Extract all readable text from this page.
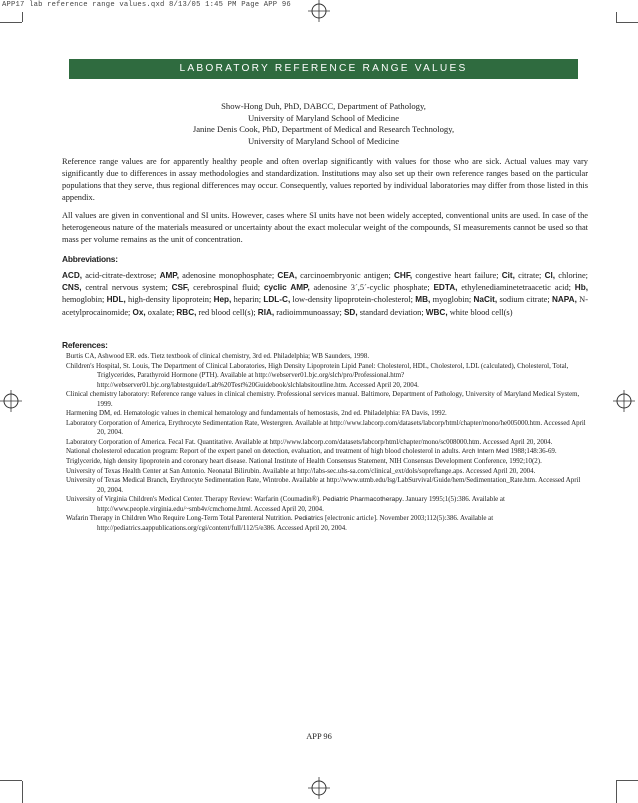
APP17 lab reference range values.qxd 8/13/05 1:45 PM Page APP 96
LABORATORY REFERENCE RANGE VALUES
Show-Hong Duh, PhD, DABCC, Department of Pathology,
University of Maryland School of Medicine
Janine Denis Cook, PhD, Department of Medical and Research Technology,
University of Maryland School of Medicine
Reference range values are for apparently healthy people and often overlap significantly with values for those who are sick. Actual values may vary significantly due to differences in assay methodologies and standardization. Institutions may also set up their own reference ranges based on the particular populations that they serve, thus regional differences may occur. Consequently, values reported by individual laboratories may differ from those listed in this appendix.
All values are given in conventional and SI units. However, cases where SI units have not been widely accepted, conventional units are used. In case of the heterogeneous nature of the materials measured or uncertainty about the exact molecular weight of the compounds, SI measurements cannot be used so that mass per volume remains as the unit of concentration.
Abbreviations:
ACD, acid-citrate-dextrose; AMP, adenosine monophosphate; CEA, carcinoembryonic antigen; CHF, congestive heart failure; Cit, citrate; Cl, chlorine; CNS, central nervous system; CSF, cerebrospinal fluid; cyclic AMP, adenosine 3´,5´-cyclic phosphate; EDTA, ethylenediaminetetraacetic acid; Hb, hemoglobin; HDL, high-density lipoprotein; Hep, heparin; LDL-C, low-density lipoprotein-cholesterol; MB, myoglobin; NaCit, sodium citrate; NAPA, N-acetylprocainomide; Ox, oxalate; RBC, red blood cell(s); RIA, radioimmunoassay; SD, standard deviation; WBC, white blood cell(s)
References:
Burtis CA, Ashwood ER. eds. Tietz textbook of clinical chemistry, 3rd ed. Philadelphia; WB Saunders, 1998.
Children's Hospital, St. Louis, The Department of Clinical Laboratories, High Density Lipoprotein Lipid Panel: Cholesterol, HDL, Cholesterol, LDL (calculated), Cholesterol, Total, Triglycerides, Parathyroid Hormone (PTH). Available at http://webserver01.bjc.org/slch/pro/Professional.htm?http://webserver01.bjc.org/labtestguide/Lab%20Test%20Guidebook/slchlabsitoutline.htm. Accessed April 20, 2004.
Clinical chemistry laboratory: Reference range values in clinical chemistry. Professional services manual. Baltimore, Department of Pathology, University of Maryland Medical System, 1999.
Harmening DM, ed. Hematologic values in chemical hematology and fundamentals of hemostasis, 2nd ed. Philadelphia: FA Davis, 1992.
Laboratory Corporation of America, Erythrocyte Sedimentation Rate, Westergren. Available at http://www.labcorp.com/datasets/labcorp/html/chapter/mono/he005000.htm. Accessed April 20, 2004.
Laboratory Corporation of America. Fecal Fat. Quantitative. Available at http://www.labcorp.com/datasets/labcorp/html/chapter/mono/sc008000.htm. Accessed April 20, 2004.
National cholesterol education program: Report of the expert panel on detection, evaluation, and treatment of high blood cholesterol in adults. Arch Intern Med 1988;148:36-69.
Triglyceride, high density lipoprotein and coronary heart disease. National Institute of Health Consensus Statement, NIH Consensus Development Conference, 1992;10(2).
University of Texas Health Center at San Antonio. Neonatal Bilirubin. Available at http://labs-sec.uhs-sa.com/clinical_ext/dols/sopreftange.aps. Accessed April 20, 2004.
University of Texas Medical Branch, Erythrocyte Sedimentation Rate, Wintrobe. Available at http://www.utmb.edu/lsg/LabSurvival/Guide/hem/Sedimentation_Rate.htm. Accessed April 20, 2004.
University of Virginia Children's Medical Center. Therapy Review: Warfarin (Coumadin®). Pediatric Pharmacotherapy. January 1995;1(5):386. Available at http://www.people.virginia.edu/~smb4v/cmchome.html. Accessed April 20, 2004.
Wafarin Therapy in Children Who Require Long-Term Total Parenteral Nutrition. Pediatrics [electronic article]. November 2003;112(5):386. Available at http://pediatrics.aappublications.org/cgi/content/full/112/5/e386. Accessed April 20, 2004.
APP 96
